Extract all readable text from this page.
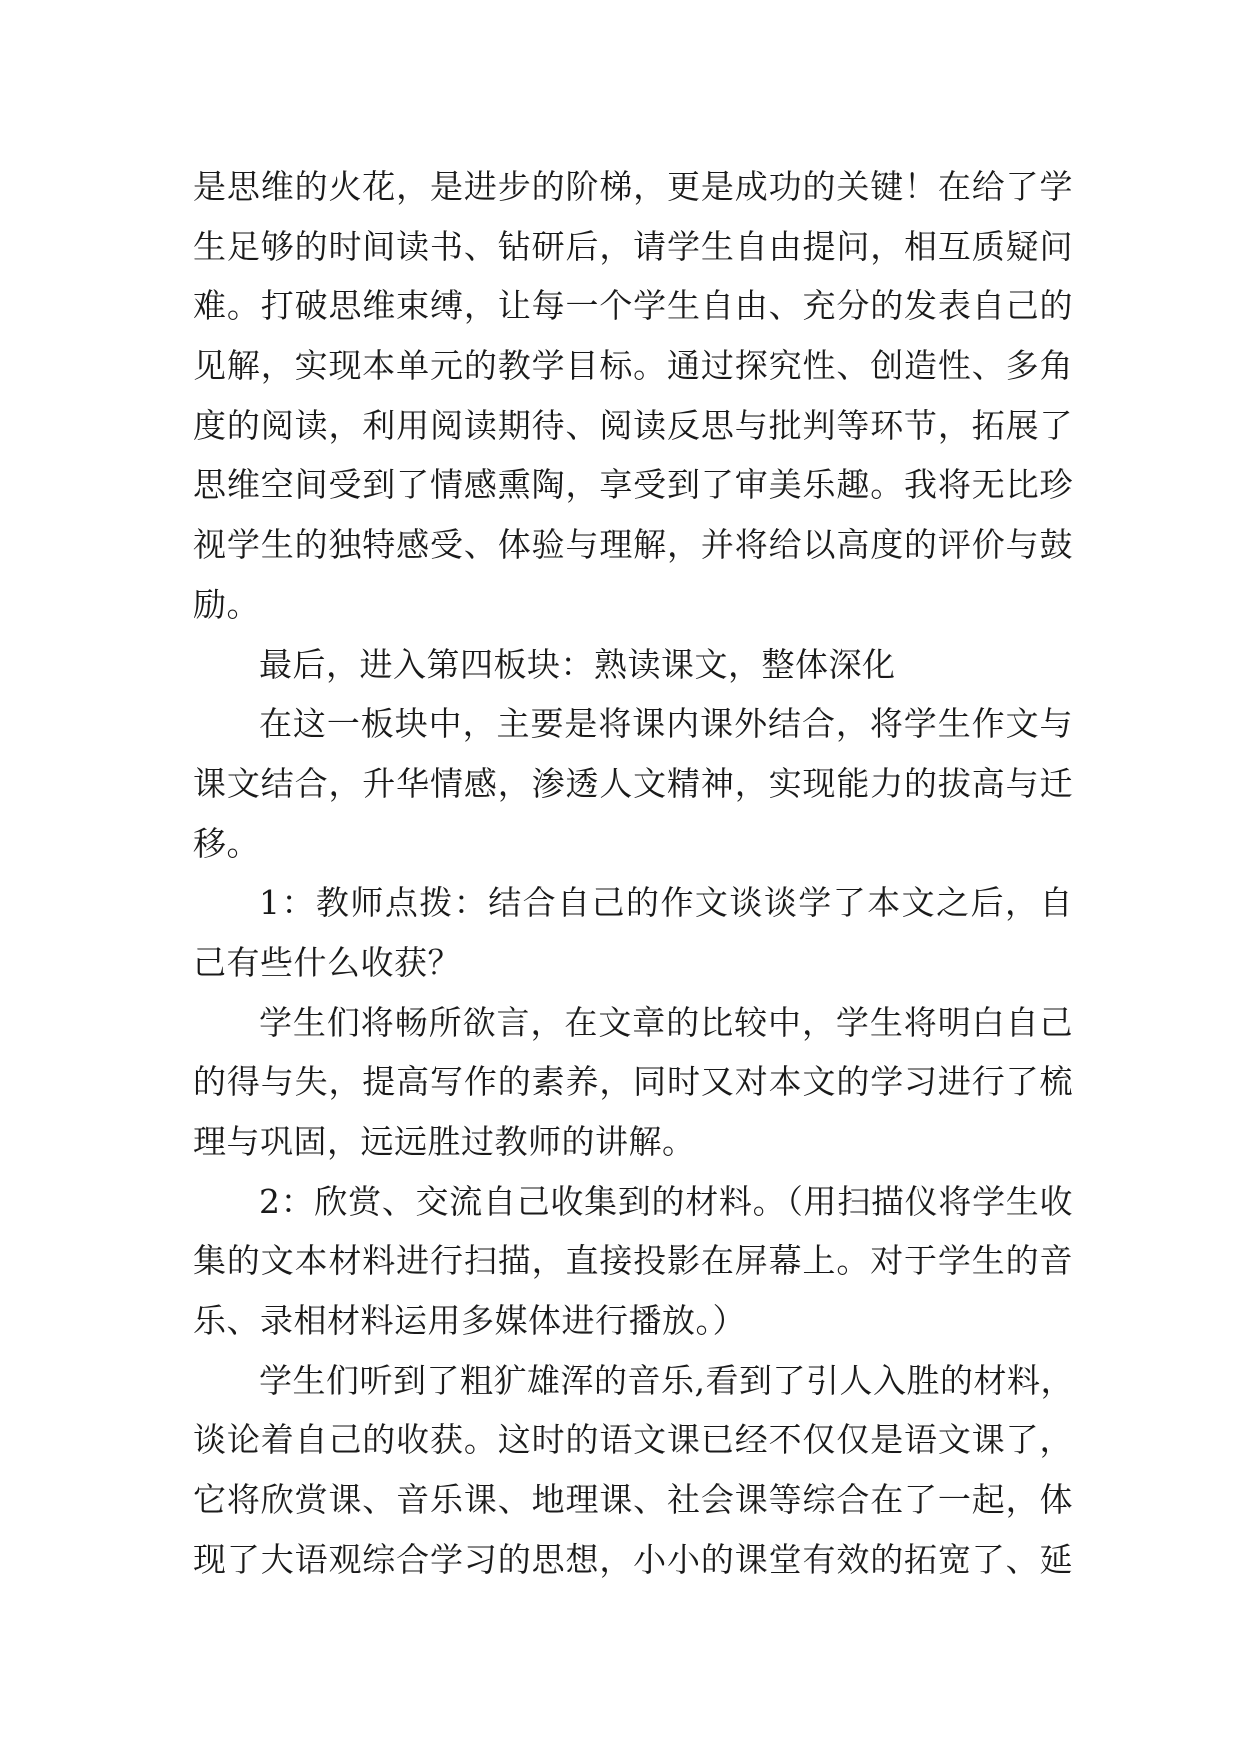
是思维的火花，是进步的阶梯，更是成功的关键！在给了学
生足够的时间读书、钻研后，请学生自由提问，相互质疑问
难。打破思维束缚，让每一个学生自由、充分的发表自己的
见解，实现本单元的教学目标。通过探究性、创造性、多角
度的阅读，利用阅读期待、阅读反思与批判等环节，拓展了
思维空间受到了情感熏陶，享受到了审美乐趣。我将无比珍
视学生的独特感受、体验与理解，并将给以高度的评价与鼓
励。
最后，进入第四板块：熟读课文，整体深化
在这一板块中，主要是将课内课外结合，将学生作文与
课文结合，升华情感，渗透人文精神，实现能力的拔高与迁
移。
1：教师点拨：结合自己的作文谈谈学了本文之后，自
己有些什么收获？
学生们将畅所欲言，在文章的比较中，学生将明白自己
的得与失，提高写作的素养，同时又对本文的学习进行了梳
理与巩固，远远胜过教师的讲解。
2：欣赏、交流自己收集到的材料。（用扫描仪将学生收
集的文本材料进行扫描，直接投影在屏幕上。对于学生的音
乐、录相材料运用多媒体进行播放。）
学生们听到了粗犷雄浑的音乐,看到了引人入胜的材料，
谈论着自己的收获。这时的语文课已经不仅仅是语文课了，
它将欣赏课、音乐课、地理课、社会课等综合在了一起，体
现了大语观综合学习的思想，小小的课堂有效的拓宽了、延
